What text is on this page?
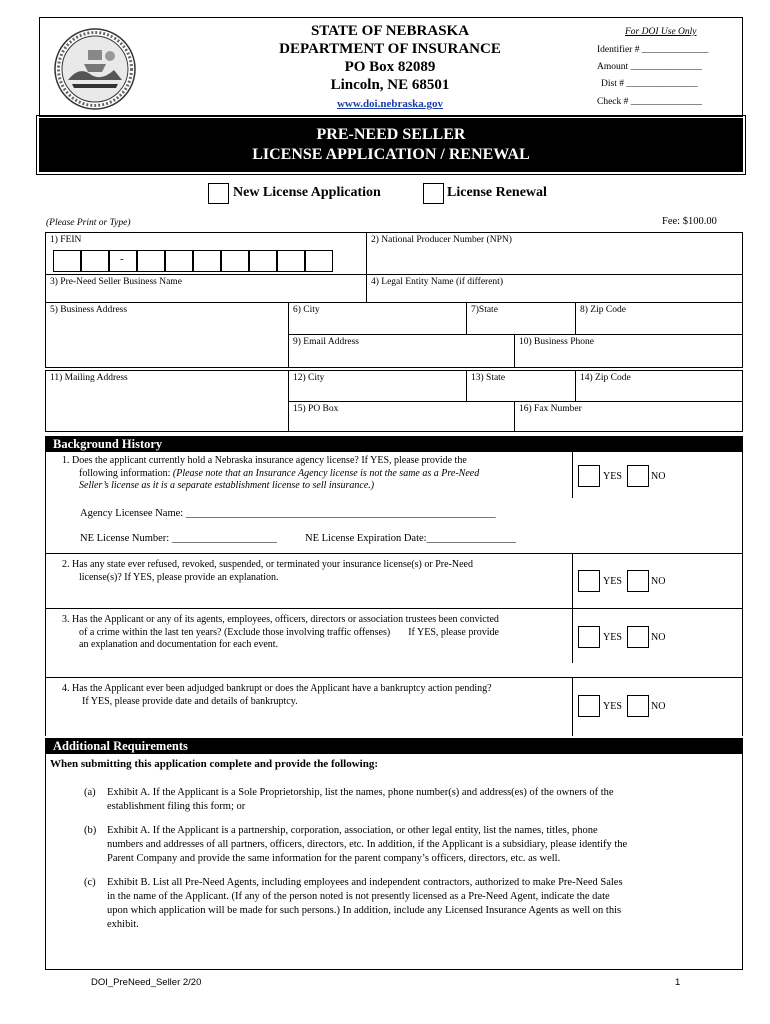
STATE OF NEBRASKA
DEPARTMENT OF INSURANCE
PO Box 82089
Lincoln, NE 68501
www.doi.nebraska.gov
For DOI Use Only
Identifier # ______________
Amount _______________
Dist # _______________
Check # _______________
PRE-NEED SELLER
LICENSE APPLICATION / RENEWAL
New License Application	License Renewal
(Please Print or Type)	Fee: $100.00
1) FEIN
-
2) National Producer Number (NPN)
3) Pre-Need Seller Business Name	4) Legal Entity Name (if different)
5) Business Address	6) City	7)State	8) Zip Code
9) Email Address	10) Business Phone
11) Mailing Address	12) City	13) State	14) Zip Code
15) PO Box	16) Fax Number
Background History
1. Does the applicant currently hold a Nebraska insurance agency license? If YES, please provide the
following information: (Please note that an Insurance Agency license is not the same as a Pre-Need
Seller’s license as it is a separate establishment license to sell insurance.)
YES	NO
Agency Licensee Name: ___________________________________________________________
NE License Number: ____________________	NE License Expiration Date:_________________
2. Has any state ever refused, revoked, suspended, or terminated your insurance license(s) or Pre-Need
license(s)? If YES, please provide an explanation.	YES	NO
3. Has the Applicant or any of its agents, employees, officers, directors or association trustees been convicted
of a crime within the last ten years? (Exclude those involving traffic offenses) If YES, please provide
an explanation and documentation for each event.
YES	NO
4. Has the Applicant ever been adjudged bankrupt or does the Applicant have a bankruptcy action pending?
If YES, please provide date and details of bankruptcy.	YES	NO
Additional Requirements
When submitting this application complete and provide the following:
(a) Exhibit A. If the Applicant is a Sole Proprietorship, list the names, phone number(s) and address(es) of the owners of the
establishment filing this form; or
(b) Exhibit A. If the Applicant is a partnership, corporation, association, or other legal entity, list the names, titles, phone
numbers and addresses of all partners, officers, directors, etc. In addition, if the Applicant is a subsidiary, please identify the
Parent Company and provide the same information for the parent company’s officers, directors, etc. as well.
(c) Exhibit B. List all Pre-Need Agents, including employees and independent contractors, authorized to make Pre-Need Sales
in the name of the Applicant. (If any of the person noted is not presently licensed as a Pre-Need Agent, indicate the date
upon which application will be made for such persons.) In addition, include any Licensed Insurance Agents as well on this
exhibit.
DOI_PreNeed_Seller 2/20	1
